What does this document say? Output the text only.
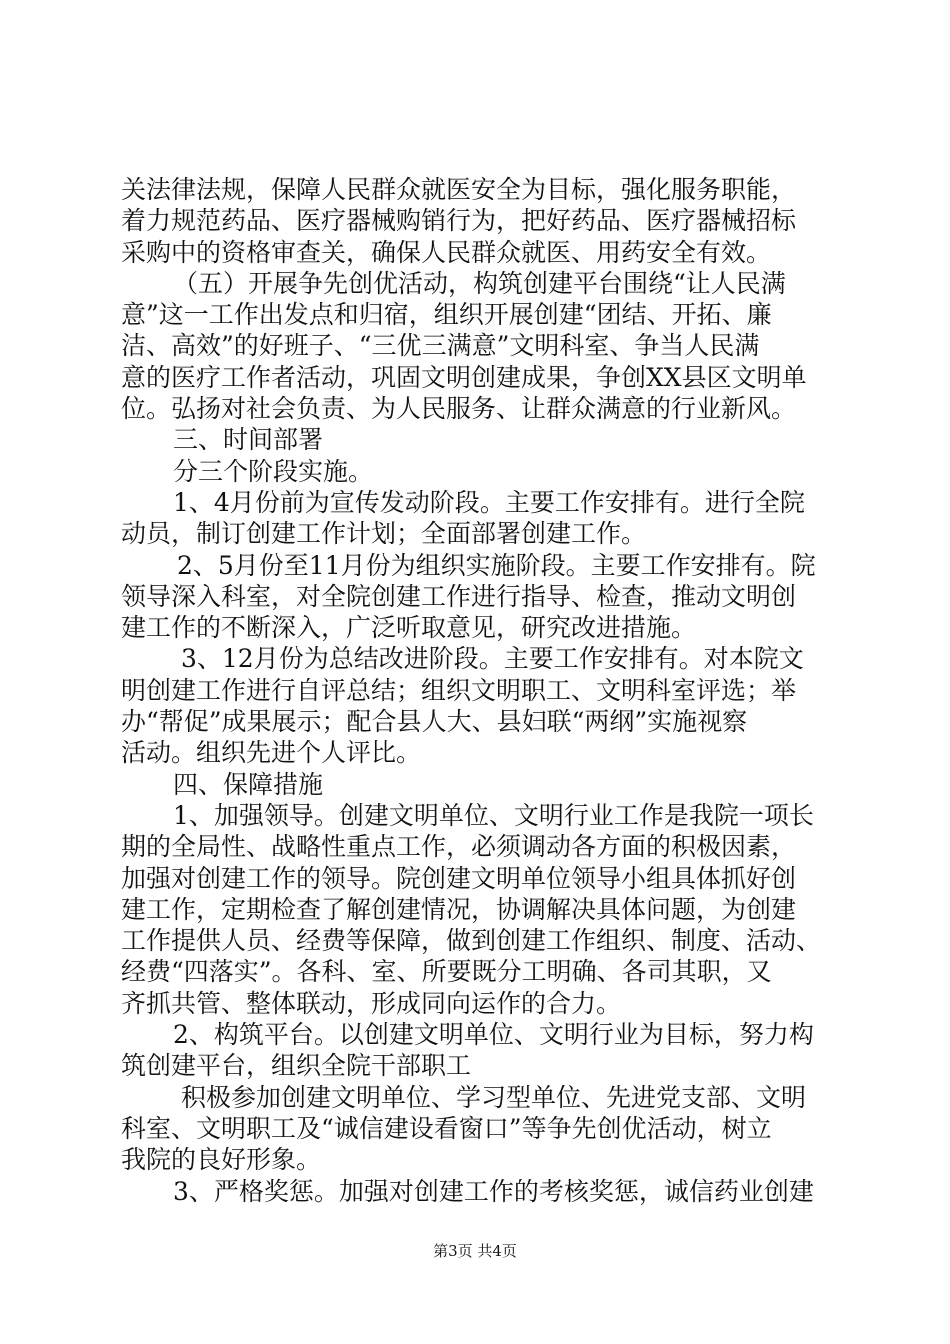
关法律法规，保障人民群众就医安全为目标，强化服务职能，
着力规范药品、医疗器械购销行为，把好药品、医疗器械招标
采购中的资格审查关，确保人民群众就医、用药安全有效。
（五）开展争先创优活动，构筑创建平台围绕“让人民满
意”这一工作出发点和归宿，组织开展创建“团结、开拓、廉
洁、高效”的好班子、“三优三满意”文明科室、争当人民满
意的医疗工作者活动，巩固文明创建成果，争创XX县区文明单
位。弘扬对社会负责、为人民服务、让群众满意的行业新风。
三、时间部署
分三个阶段实施。
1、4月份前为宣传发动阶段。主要工作安排有。进行全院
动员，制订创建工作计划；全面部署创建工作。
2、5月份至11月份为组织实施阶段。主要工作安排有。院
领导深入科室，对全院创建工作进行指导、检查，推动文明创
建工作的不断深入，广泛听取意见，研究改进措施。
3、12月份为总结改进阶段。主要工作安排有。对本院文
明创建工作进行自评总结；组织文明职工、文明科室评选；举
办“帮促”成果展示；配合县人大、县妇联“两纲”实施视察
活动。组织先进个人评比。
四、保障措施
1、加强领导。创建文明单位、文明行业工作是我院一项长
期的全局性、战略性重点工作，必须调动各方面的积极因素，
加强对创建工作的领导。院创建文明单位领导小组具体抓好创
建工作，定期检查了解创建情况，协调解决具体问题，为创建
工作提供人员、经费等保障，做到创建工作组织、制度、活动、
经费“四落实”。各科、室、所要既分工明确、各司其职，又
齐抓共管、整体联动，形成同向运作的合力。
2、构筑平台。以创建文明单位、文明行业为目标，努力构
筑创建平台，组织全院干部职工
积极参加创建文明单位、学习型单位、先进党支部、文明
科室、文明职工及“诚信建设看窗口”等争先创优活动，树立
我院的良好形象。
3、严格奖惩。加强对创建工作的考核奖惩，诚信药业创建
第3页 共4页
